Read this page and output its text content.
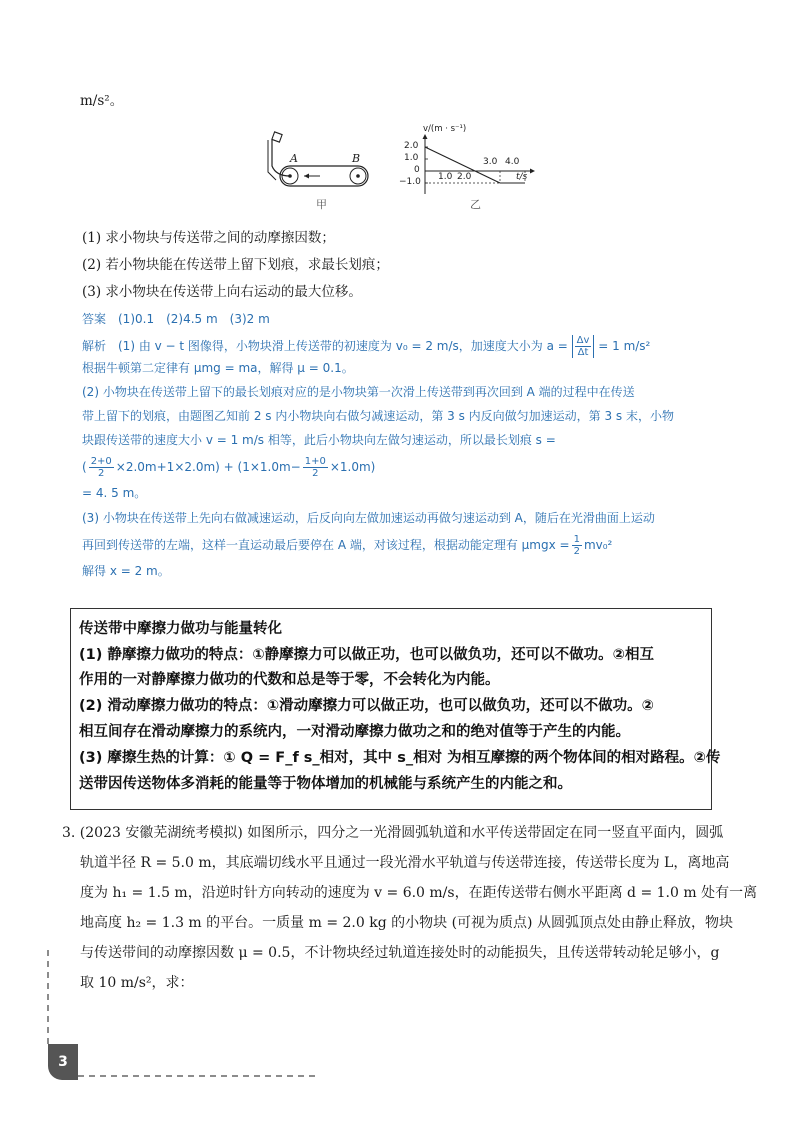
m/s²。
A	B
甲
v/(m · s⁻¹)
2.0
1.0
0
−1.0 1.0 2.0
3.0 4.0
t/s
乙
(1) 求小物块与传送带之间的动摩擦因数；
(2) 若小物块能在传送带上留下划痕，求最长划痕；
(3) 求小物块在传送带上向右运动的最大位移。
答案　(1)0.1　(2)4.5 m　(3)2 m
解析　(1) 由 v − t 图像得，小物块滑上传送带的初速度为 v₀ = 2 m/s，加速度大小为 $a = \frac{\Delta v}{\Delta t} = 1$ m/s²
根据牛顿第二定律有 μmg = ma，解得 μ = 0.1。
(2) 小物块在传送带上留下的最长划痕对应的是小物块第一次滑上传送带到再次回到 A 端的过程中在传送
带上留下的划痕，由题图乙知前 2 s 内小物块向右做匀减速运动，第 3 s 内反向做匀加速运动，第 3 s 末，小物
块跟传送带的速度大小 v = 1 m/s 相等，此后小物块向左做匀速运动，所以最长划痕 s =
( $\frac{2+0}{2} \times 2.0m+1\times 2.0m) + (1\times 1.0m- \frac{1+0}{2} \times 1.0m)$
= 4. 5 m。
(3) 小物块在传送带上先向右做减速运动，后反向向左做加速运动再做匀速运动到 A，随后在光滑曲面上运动
再回到传送带的左端，这样一直运动最后要停在 A 端，对该过程，根据动能定理有 $\mu mgx = \frac{1}{2} mv_0^2$
解得 x = 2 m。
传送带中摩擦力做功与能量转化
(1) 静摩擦力做功的特点：①静摩擦力可以做正功，也可以做负功，还可以不做功。②相互
作用的一对静摩擦力做功的代数和总是等于零，不会转化为内能。
(2) 滑动摩擦力做功的特点：①滑动摩擦力可以做正功，也可以做负功，还可以不做功。②
相互间存在滑动摩擦力的系统内，一对滑动摩擦力做功之和的绝对值等于产生的内能。
(3) 摩擦生热的计算：① Q = F_f s_相对，其中 s_相对 为相互摩擦的两个物体间的相对路程。②传
送带因传送物体多消耗的能量等于物体增加的机械能与系统产生的内能之和。
3. (2023 安徽芜湖统考模拟) 如图所示，四分之一光滑圆弧轨道和水平传送带固定在同一竖直平面内，圆弧
轨道半径 R = 5.0 m，其底端切线水平且通过一段光滑水平轨道与传送带连接，传送带长度为 L，离地高
度为 h₁ = 1.5 m，沿逆时针方向转动的速度为 v = 6.0 m/s，在距传送带右侧水平距离 d = 1.0 m 处有一离
地高度 h₂ = 1.3 m 的平台。一质量 m = 2.0 kg 的小物块 (可视为质点) 从圆弧顶点处由静止释放，物块
与传送带间的动摩擦因数 μ = 0.5，不计物块经过轨道连接处时的动能损失，且传送带转动轮足够小，g
取 10 m/s²，求：
3
